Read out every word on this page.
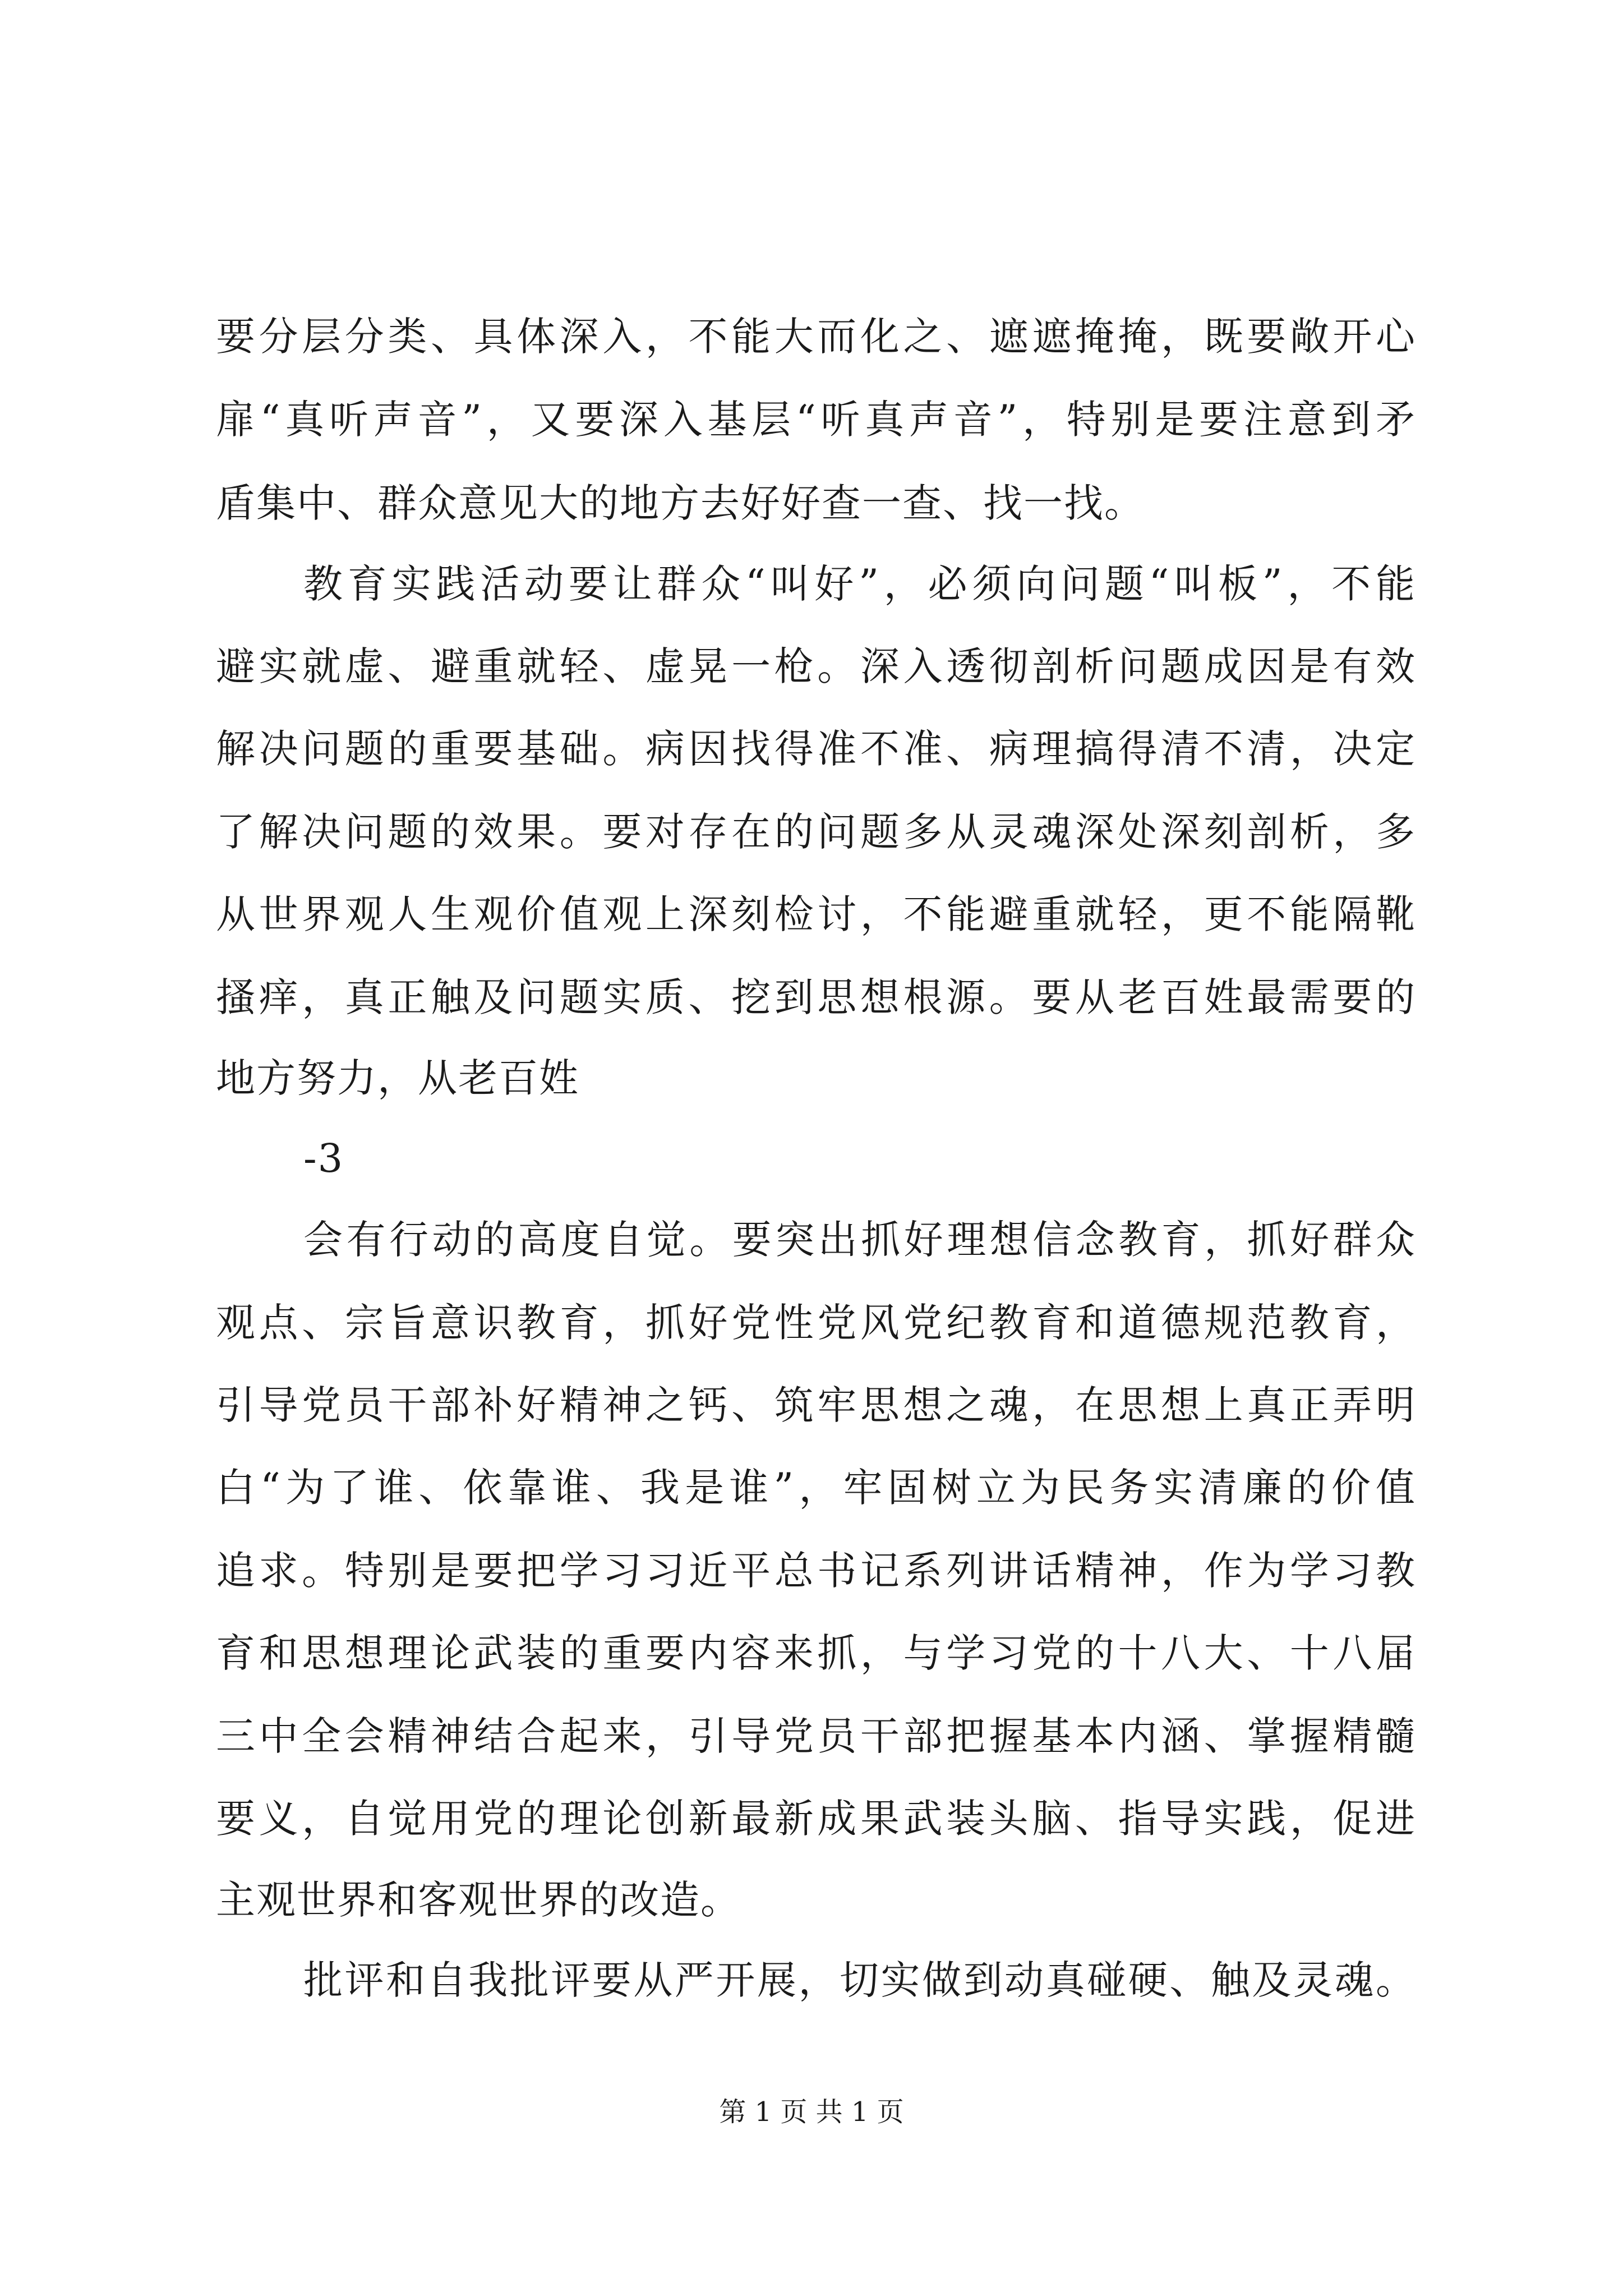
要分层分类、具体深入，不能大而化之、遮遮掩掩，既要敞开心
扉“真听声音”，又要深入基层“听真声音”，特别是要注意到矛
盾集中、群众意见大的地方去好好查一查、找一找。
教育实践活动要让群众“叫好”，必须向问题“叫板”，不能
避实就虚、避重就轻、虚晃一枪。深入透彻剖析问题成因是有效
解决问题的重要基础。病因找得准不准、病理搞得清不清，决定
了解决问题的效果。要对存在的问题多从灵魂深处深刻剖析，多
从世界观人生观价值观上深刻检讨，不能避重就轻，更不能隔靴
搔痒，真正触及问题实质、挖到思想根源。要从老百姓最需要的
地方努力，从老百姓
-3
会有行动的高度自觉。要突出抓好理想信念教育，抓好群众
观点、宗旨意识教育，抓好党性党风党纪教育和道德规范教育，
引导党员干部补好精神之钙、筑牢思想之魂，在思想上真正弄明
白“为了谁、依靠谁、我是谁”，牢固树立为民务实清廉的价值
追求。特别是要把学习习近平总书记系列讲话精神，作为学习教
育和思想理论武装的重要内容来抓，与学习党的十八大、十八届
三中全会精神结合起来，引导党员干部把握基本内涵、掌握精髓
要义，自觉用党的理论创新最新成果武装头脑、指导实践，促进
主观世界和客观世界的改造。
批评和自我批评要从严开展，切实做到动真碰硬、触及灵魂。
第 1 页 共 1 页
